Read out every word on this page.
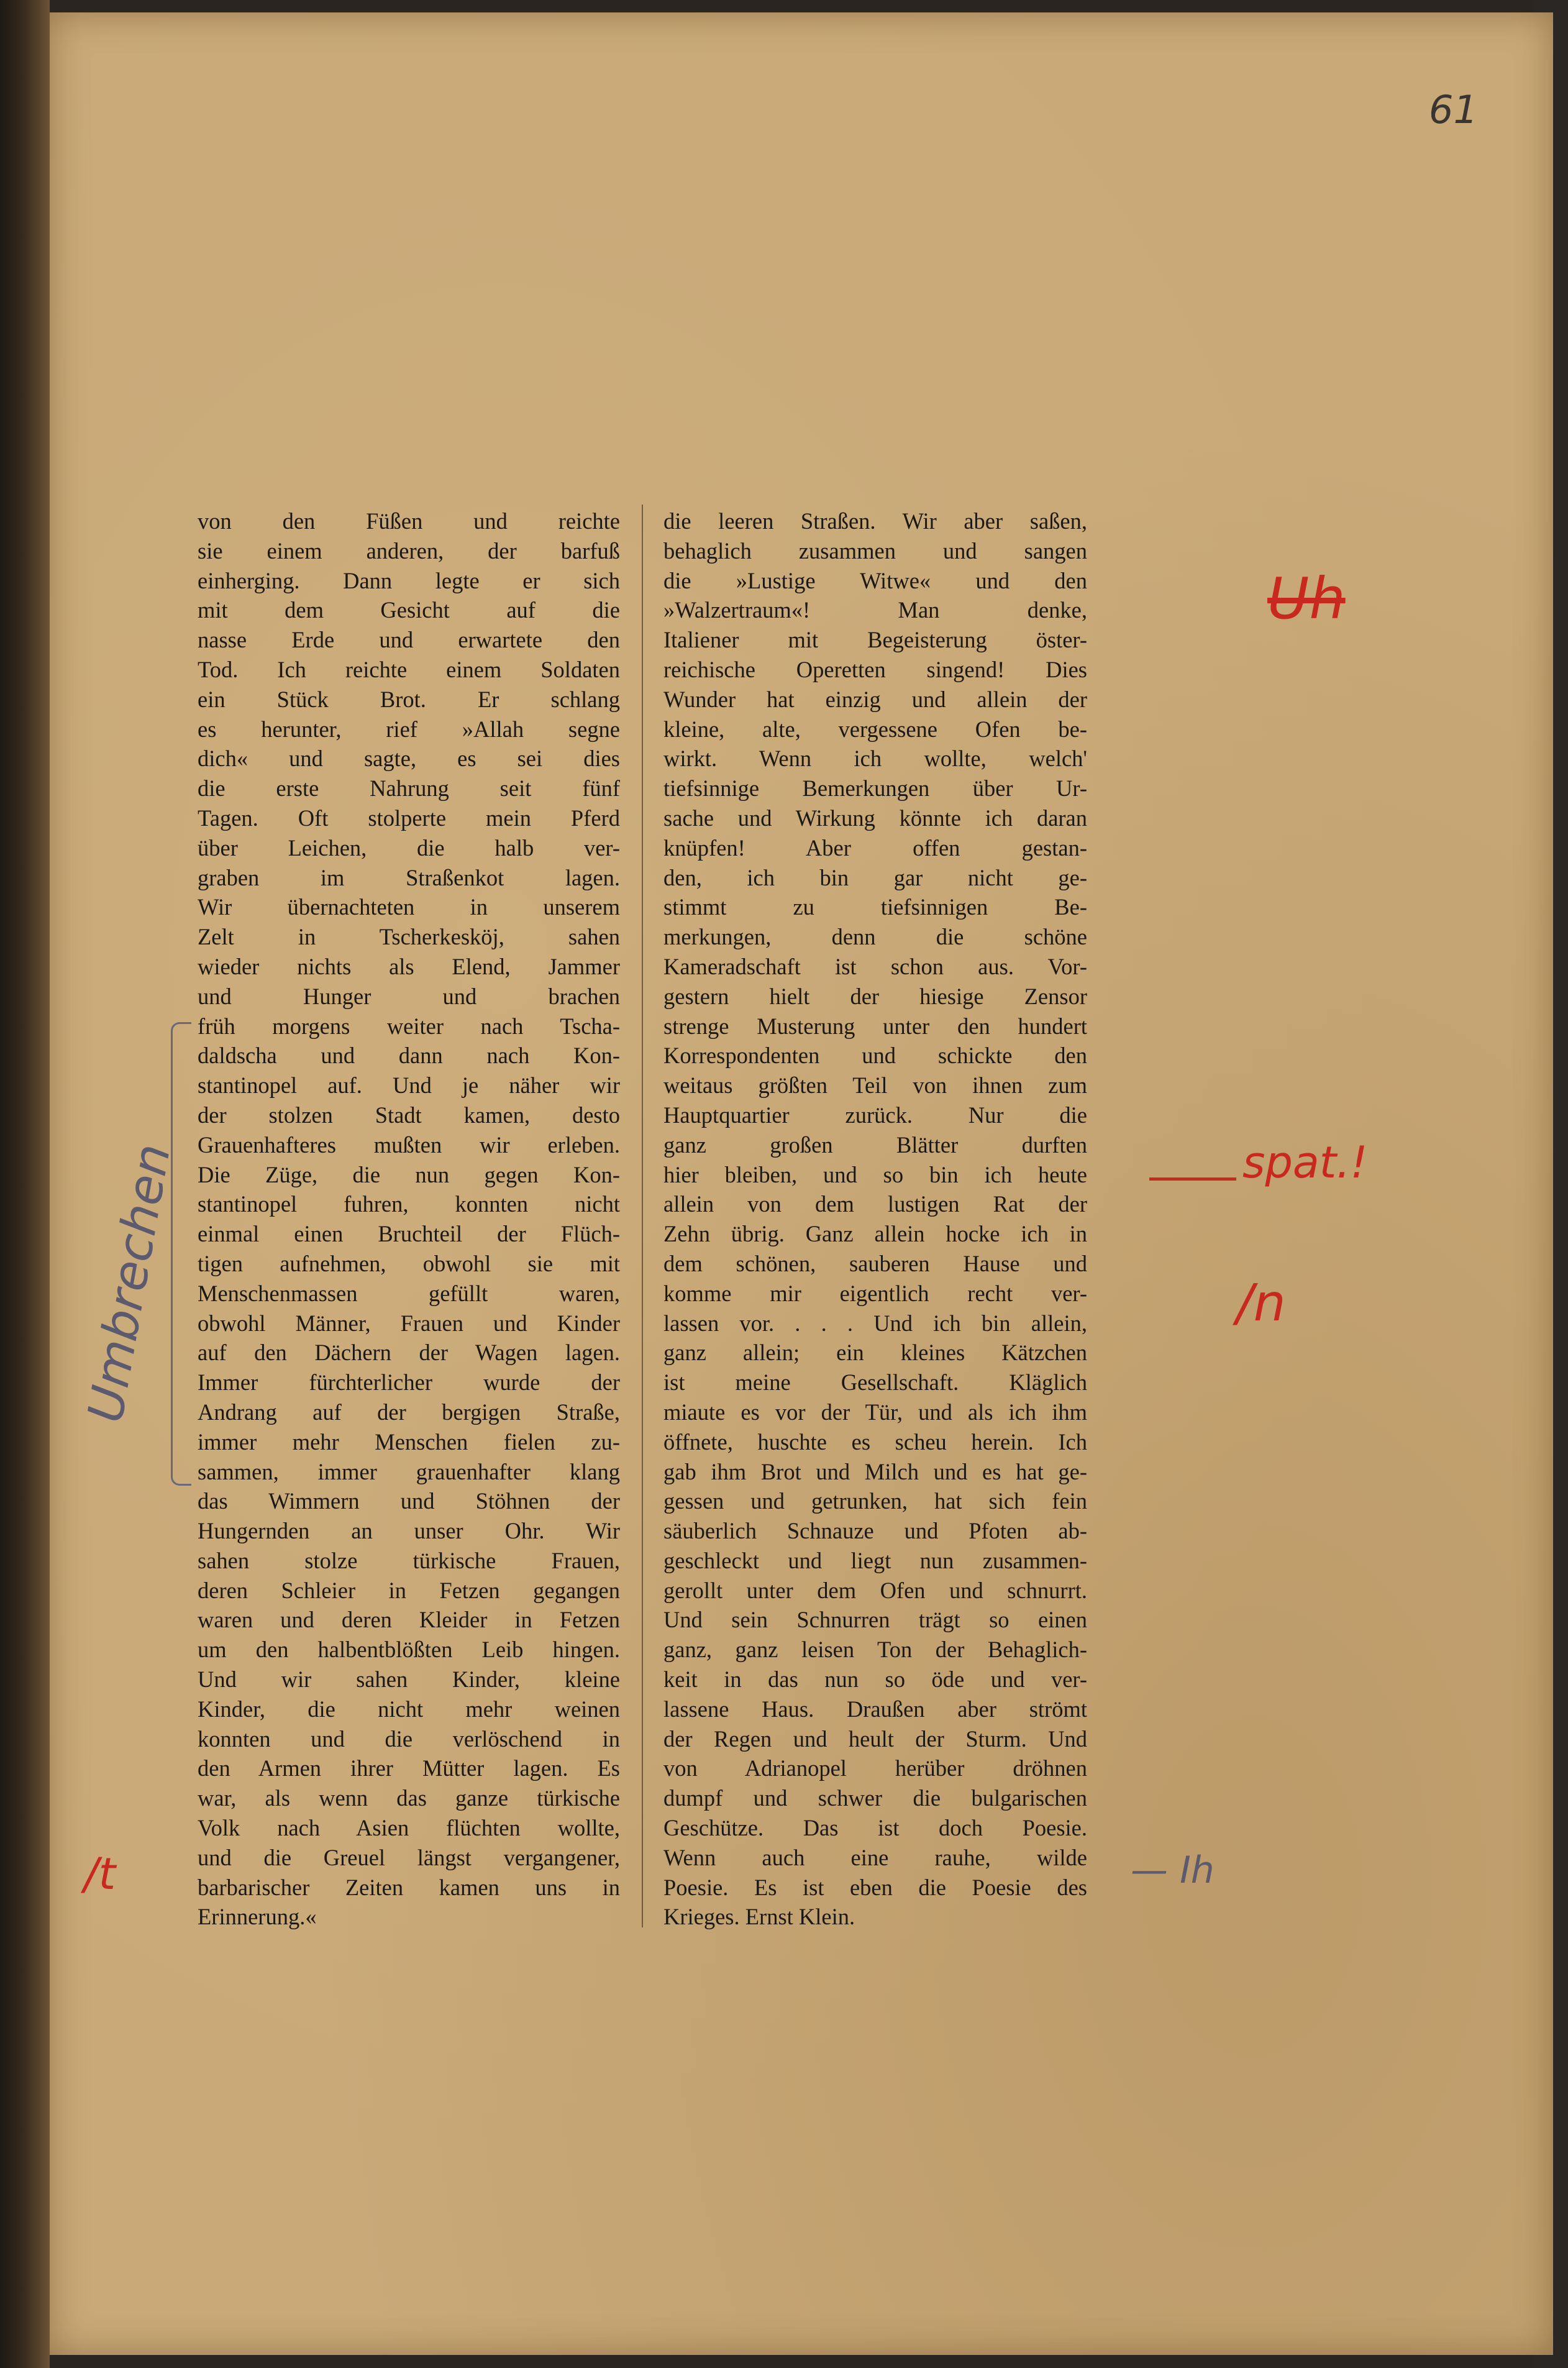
61
von den Füßen und reichte
sie einem anderen, der barfuß
einherging. Dann legte er sich
mit dem Gesicht auf die
nasse Erde und erwartete den
Tod. Ich reichte einem Soldaten
ein Stück Brot. Er schlang
es herunter, rief »Allah segne
dich« und sagte, es sei dies
die erste Nahrung seit fünf
Tagen. Oft stolperte mein Pferd
über Leichen, die halb ver-
graben im Straßenkot lagen.
Wir übernachteten in unserem
Zelt in Tscherkesköj, sahen
wieder nichts als Elend, Jammer
und Hunger und brachen
früh morgens weiter nach Tscha-
daldscha und dann nach Kon-
stantinopel auf. Und je näher wir
der stolzen Stadt kamen, desto
Grauenhafteres mußten wir erleben.
Die Züge, die nun gegen Kon-
stantinopel fuhren, konnten nicht
einmal einen Bruchteil der Flüch-
tigen aufnehmen, obwohl sie mit
Menschenmassen gefüllt waren,
obwohl Männer, Frauen und Kinder
auf den Dächern der Wagen lagen.
Immer fürchterlicher wurde der
Andrang auf der bergigen Straße,
immer mehr Menschen fielen zu-
sammen, immer grauenhafter klang
das Wimmern und Stöhnen der
Hungernden an unser Ohr. Wir
sahen stolze türkische Frauen,
deren Schleier in Fetzen gegangen
waren und deren Kleider in Fetzen
um den halbentblößten Leib hingen.
Und wir sahen Kinder, kleine
Kinder, die nicht mehr weinen
konnten und die verlöschend in
den Armen ihrer Mütter lagen. Es
war, als wenn das ganze türkische
Volk nach Asien flüchten wollte,
und die Greuel längst vergangener,
barbarischer Zeiten kamen uns in
Erinnerung.«
die leeren Straßen. Wir aber saßen,
behaglich zusammen und sangen
die »Lustige Witwe« und den
»Walzertraum«! Man denke,
Italiener mit Begeisterung öster-
reichische Operetten singend! Dies
Wunder hat einzig und allein der
kleine, alte, vergessene Ofen be-
wirkt. Wenn ich wollte, welch'
tiefsinnige Bemerkungen über Ur-
sache und Wirkung könnte ich daran
knüpfen! Aber offen gestan-
den, ich bin gar nicht ge-
stimmt zu tiefsinnigen Be-
merkungen, denn die schöne
Kameradschaft ist schon aus. Vor-
gestern hielt der hiesige Zensor
strenge Musterung unter den hundert
Korrespondenten und schickte den
weitaus größten Teil von ihnen zum
Hauptquartier zurück. Nur die
ganz großen Blätter durften
hier bleiben, und so bin ich heute
allein von dem lustigen Rat der
Zehn übrig. Ganz allein hocke ich in
dem schönen, sauberen Hause und
komme mir eigentlich recht ver-
lassen vor. . . . Und ich bin allein,
ganz allein; ein kleines Kätzchen
ist meine Gesellschaft. Kläglich
miaute es vor der Tür, und als ich ihm
öffnete, huschte es scheu herein. Ich
gab ihm Brot und Milch und es hat ge-
gessen und getrunken, hat sich fein
säuberlich Schnauze und Pfoten ab-
geschleckt und liegt nun zusammen-
gerollt unter dem Ofen und schnurrt.
Und sein Schnurren trägt so einen
ganz, ganz leisen Ton der Behaglich-
keit in das nun so öde und ver-
lassene Haus. Draußen aber strömt
der Regen und heult der Sturm. Und
von Adrianopel herüber dröhnen
dumpf und schwer die bulgarischen
Geschütze. Das ist doch Poesie.
Wenn auch eine rauhe, wilde
Poesie. Es ist eben die Poesie des
Krieges. Ernst Klein.
Uh
spat.!
/n
/t
Umbrechen
— Ih
